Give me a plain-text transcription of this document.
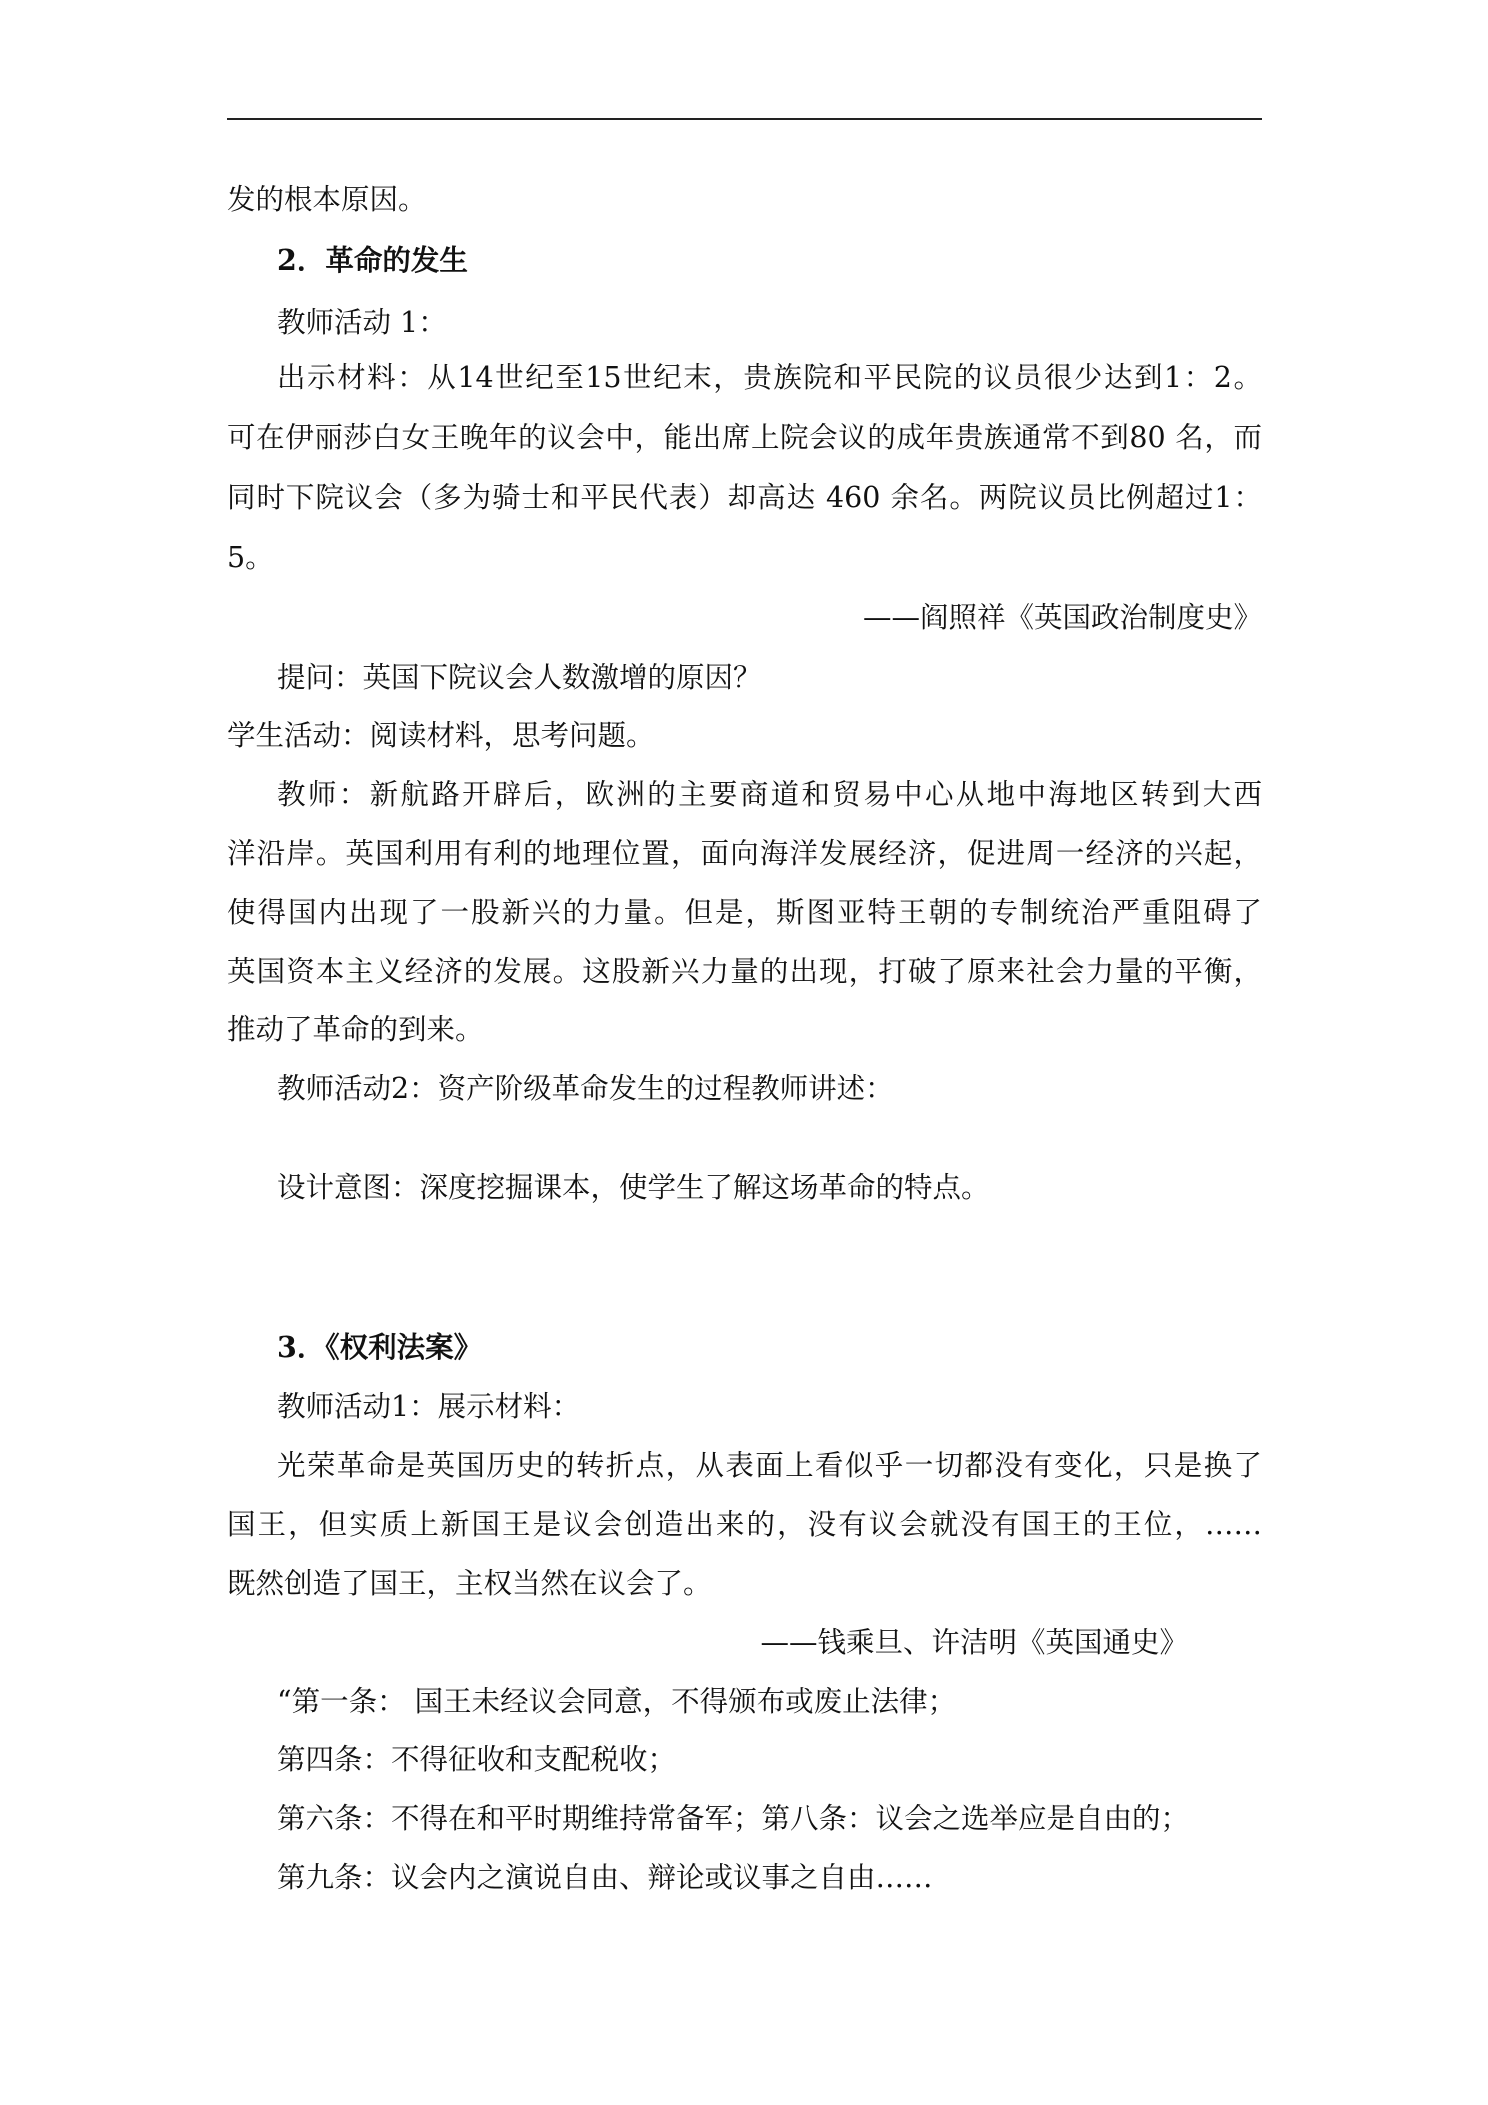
发的根本原因。

2．革命的发生

教师活动 1：

出示材料：从14世纪至15世纪末，贵族院和平民院的议员很少达到1：2。

可在伊丽莎白女王晚年的议会中，能出席上院会议的成年贵族通常不到80 名，而

同时下院议会（多为骑士和平民代表）却高达 460 余名。两院议员比例超过1：

5。

——阎照祥《英国政治制度史》

提问：英国下院议会人数激增的原因？

学生活动：阅读材料，思考问题。

教师：新航路开辟后，欧洲的主要商道和贸易中心从地中海地区转到大西

洋沿岸。英国利用有利的地理位置，面向海洋发展经济，促进周一经济的兴起，

使得国内出现了一股新兴的力量。但是，斯图亚特王朝的专制统治严重阻碍了

英国资本主义经济的发展。这股新兴力量的出现，打破了原来社会力量的平衡，

推动了革命的到来。

教师活动2：资产阶级革命发生的过程教师讲述：

设计意图：深度挖掘课本，使学生了解这场革命的特点。

3．《权利法案》

教师活动1：展示材料：

光荣革命是英国历史的转折点，从表面上看似乎一切都没有变化，只是换了

国王，但实质上新国王是议会创造出来的，没有议会就没有国王的王位，……

既然创造了国王，主权当然在议会了。

——钱乘旦、许洁明《英国通史》

“第一条： 国王未经议会同意，不得颁布或废止法律；

第四条：不得征收和支配税收；

第六条：不得在和平时期维持常备军；第八条：议会之选举应是自由的；

第九条：议会内之演说自由、辩论或议事之自由……
